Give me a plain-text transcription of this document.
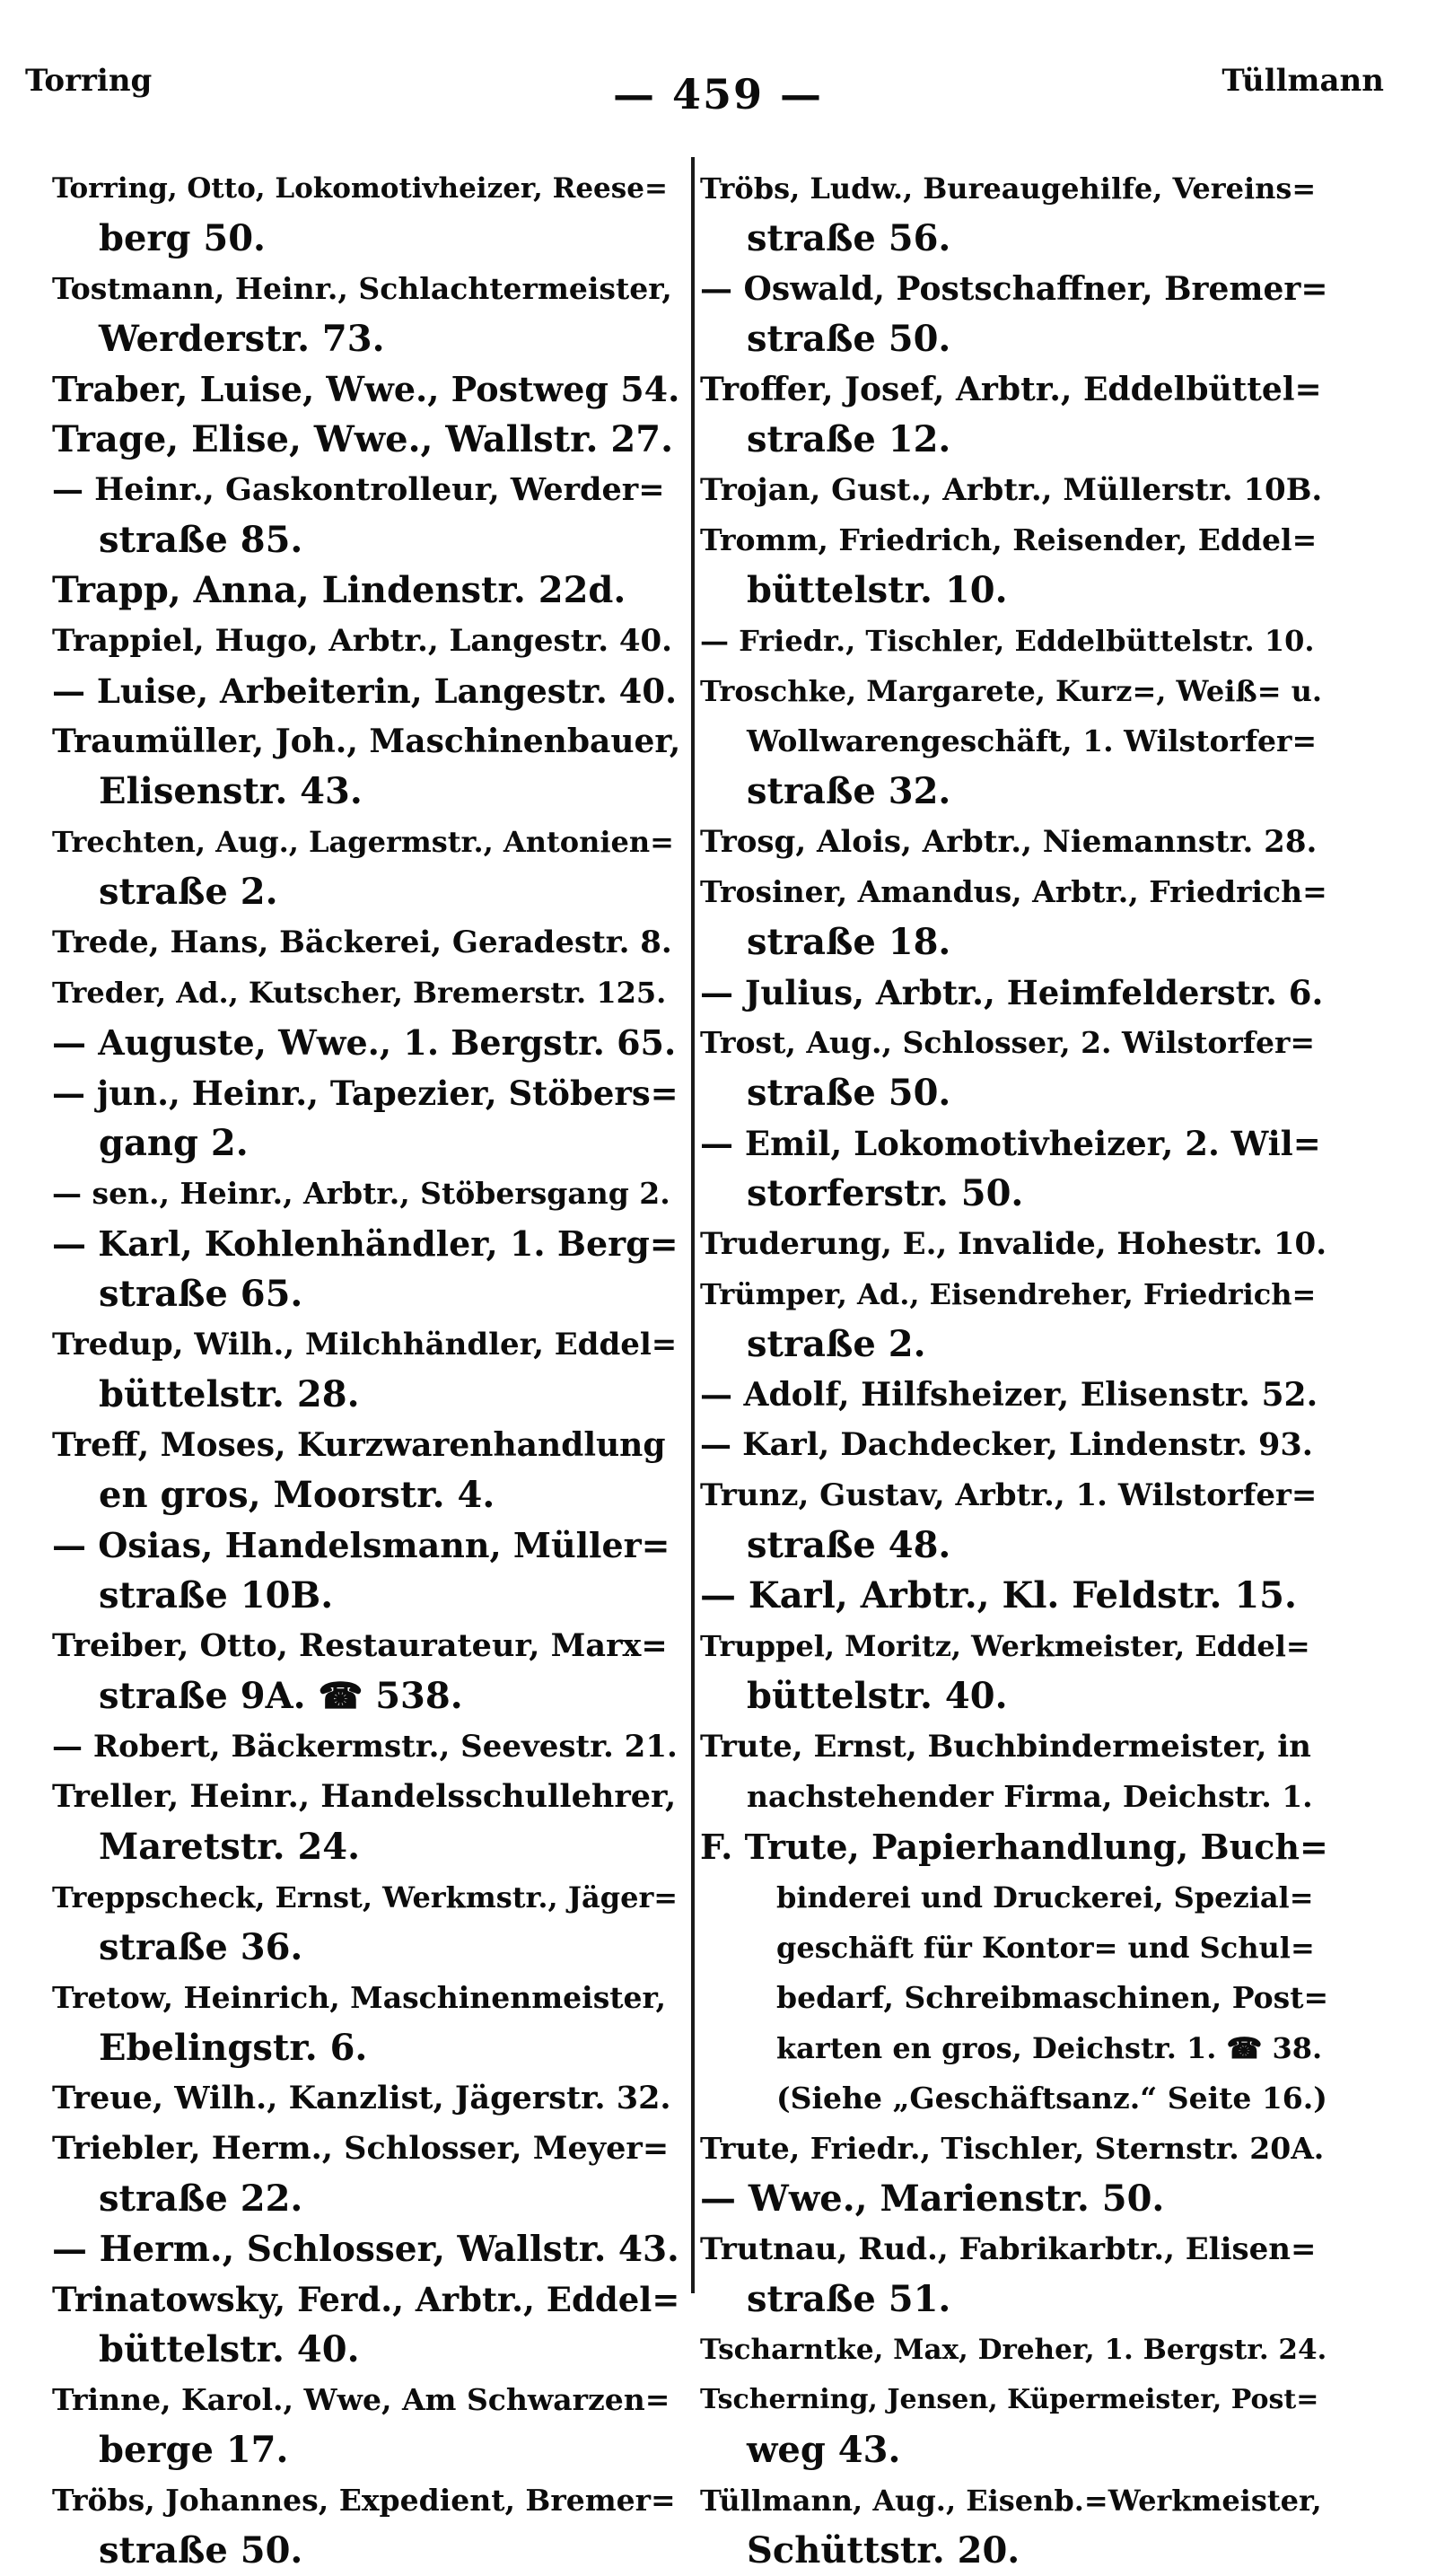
Torring	— 459 —	Tüllmann
Torring, Otto, Lokomotivheizer, Reese=
berg 50.
Tostmann, Heinr., Schlachtermeister,
Werderstr. 73.
Traber, Luise, Wwe., Postweg 54.
Trage, Elise, Wwe., Wallstr. 27.
— Heinr., Gaskontrolleur, Werder=
straße 85.
Trapp, Anna, Lindenstr. 22d.
Trappiel, Hugo, Arbtr., Langestr. 40.
— Luise, Arbeiterin, Langestr. 40.
Traumüller, Joh., Maschinenbauer,
Elisenstr. 43.
Trechten, Aug., Lagermstr., Antonien=
straße 2.
Trede, Hans, Bäckerei, Geradestr. 8.
Treder, Ad., Kutscher, Bremerstr. 125.
— Auguste, Wwe., 1. Bergstr. 65.
— jun., Heinr., Tapezier, Stöbers=
gang 2.
— sen., Heinr., Arbtr., Stöbersgang 2.
— Karl, Kohlenhändler, 1. Berg=
straße 65.
Tredup, Wilh., Milchhändler, Eddel=
büttelstr. 28.
Treff, Moses, Kurzwarenhandlung
en gros, Moorstr. 4.
— Osias, Handelsmann, Müller=
straße 10B.
Treiber, Otto, Restaurateur, Marx=
straße 9A. ☎ 538.
— Robert, Bäckermstr., Seevestr. 21.
Treller, Heinr., Handelsschullehrer,
Maretstr. 24.
Treppscheck, Ernst, Werkmstr., Jäger=
straße 36.
Tretow, Heinrich, Maschinenmeister,
Ebelingstr. 6.
Treue, Wilh., Kanzlist, Jägerstr. 32.
Triebler, Herm., Schlosser, Meyer=
straße 22.
— Herm., Schlosser, Wallstr. 43.
Trinatowsky, Ferd., Arbtr., Eddel=
büttelstr. 40.
Trinne, Karol., Wwe, Am Schwarzen=
berge 17.
Tröbs, Johannes, Expedient, Bremer=
straße 50.
Tröbs, Ludw., Bureaugehilfe, Vereins=
straße 56.
— Oswald, Postschaffner, Bremer=
straße 50.
Troffer, Josef, Arbtr., Eddelbüttel=
straße 12.
Trojan, Gust., Arbtr., Müllerstr. 10B.
Tromm, Friedrich, Reisender, Eddel=
büttelstr. 10.
— Friedr., Tischler, Eddelbüttelstr. 10.
Troschke, Margarete, Kurz=, Weiß= u.
Wollwarengeschäft, 1. Wilstorfer=
straße 32.
Trosg, Alois, Arbtr., Niemannstr. 28.
Trosiner, Amandus, Arbtr., Friedrich=
straße 18.
— Julius, Arbtr., Heimfelderstr. 6.
Trost, Aug., Schlosser, 2. Wilstorfer=
straße 50.
— Emil, Lokomotivheizer, 2. Wil=
storferstr. 50.
Truderung, E., Invalide, Hohestr. 10.
Trümper, Ad., Eisendreher, Friedrich=
straße 2.
— Adolf, Hilfsheizer, Elisenstr. 52.
— Karl, Dachdecker, Lindenstr. 93.
Trunz, Gustav, Arbtr., 1. Wilstorfer=
straße 48.
— Karl, Arbtr., Kl. Feldstr. 15.
Truppel, Moritz, Werkmeister, Eddel=
büttelstr. 40.
Trute, Ernst, Buchbindermeister, in
nachstehender Firma, Deichstr. 1.
F. Trute, Papierhandlung, Buch=
binderei und Druckerei, Spezial=
geschäft für Kontor= und Schul=
bedarf, Schreibmaschinen, Post=
karten en gros, Deichstr. 1. ☎ 38.
(Siehe „Geschäftsanz.“ Seite 16.)
Trute, Friedr., Tischler, Sternstr. 20A.
— Wwe., Marienstr. 50.
Trutnau, Rud., Fabrikarbtr., Elisen=
straße 51.
Tscharntke, Max, Dreher, 1. Bergstr. 24.
Tscherning, Jensen, Küpermeister, Post=
weg 43.
Tüllmann, Aug., Eisenb.=Werkmeister,
Schüttstr. 20.
